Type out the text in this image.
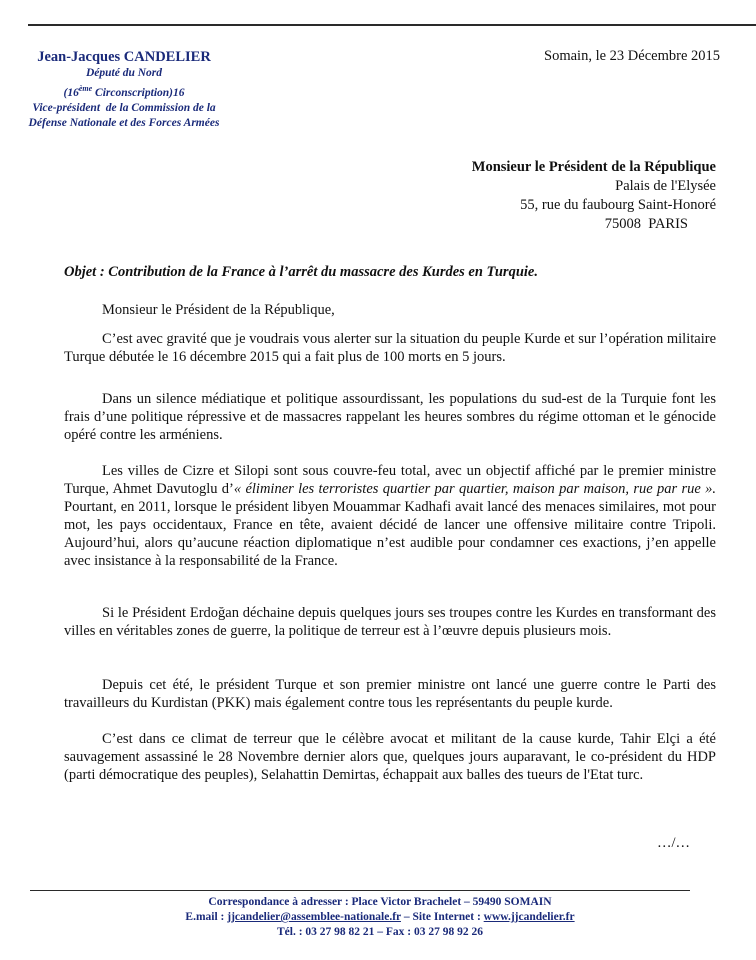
Jean-Jacques CANDELIER
Député du Nord
(16ème Circonscription)16
Vice-président  de la Commission de la
Défense Nationale et des Forces Armées
Somain, le 23 Décembre 2015
Monsieur le Président de la République
Palais de l'Elysée
55, rue du faubourg Saint-Honoré
75008  PARIS
Objet : Contribution de la France à l’arrêt du massacre des Kurdes en Turquie.
Monsieur le Président de la République,

C’est avec gravité que je voudrais vous alerter sur la situation du peuple Kurde et sur l’opération militaire Turque débutée le 16 décembre 2015 qui a fait plus de 100 morts en 5 jours.

Dans un silence médiatique et politique assourdissant, les populations du sud-est de la Turquie font les frais d’une politique répressive et de massacres rappelant les heures sombres du régime ottoman et le génocide opéré contre les arméniens.

Les villes de Cizre et Silopi sont sous couvre-feu total, avec un objectif affiché par le premier ministre Turque, Ahmet Davutoglu d’« éliminer les terroristes quartier par quartier, maison par maison, rue par rue ». Pourtant, en 2011, lorsque le président libyen Mouammar Kadhafi avait lancé des menaces similaires, mot pour mot, les pays occidentaux, France en tête, avaient décidé de lancer une offensive militaire contre Tripoli. Aujourd’hui, alors qu’aucune réaction diplomatique n’est audible pour condamner ces exactions, j’en appelle avec insistance à la responsabilité de la France.

Si le Président Erdoğan déchaine depuis quelques jours ses troupes contre les Kurdes en transformant des villes en véritables zones de guerre, la politique de terreur est à l’œuvre depuis plusieurs mois.

Depuis cet été, le président Turque et son premier ministre ont lancé une guerre contre le Parti des travailleurs du Kurdistan (PKK) mais également contre tous les représentants du peuple kurde.

C’est dans ce climat de terreur que le célèbre avocat et militant de la cause kurde, Tahir Elçi a été sauvagement assassiné le 28 Novembre dernier alors que, quelques jours auparavant, le co-président du HDP (parti démocratique des peuples), Selahattin Demirtas, échappait aux balles des tueurs de l'Etat turc.

…/…
Correspondance à adresser : Place Victor Brachelet – 59490 SOMAIN
E.mail : jjcandelier@assemblee-nationale.fr – Site Internet : www.jjcandelier.fr
Tél. : 03 27 98 82 21 – Fax : 03 27 98 92 26
